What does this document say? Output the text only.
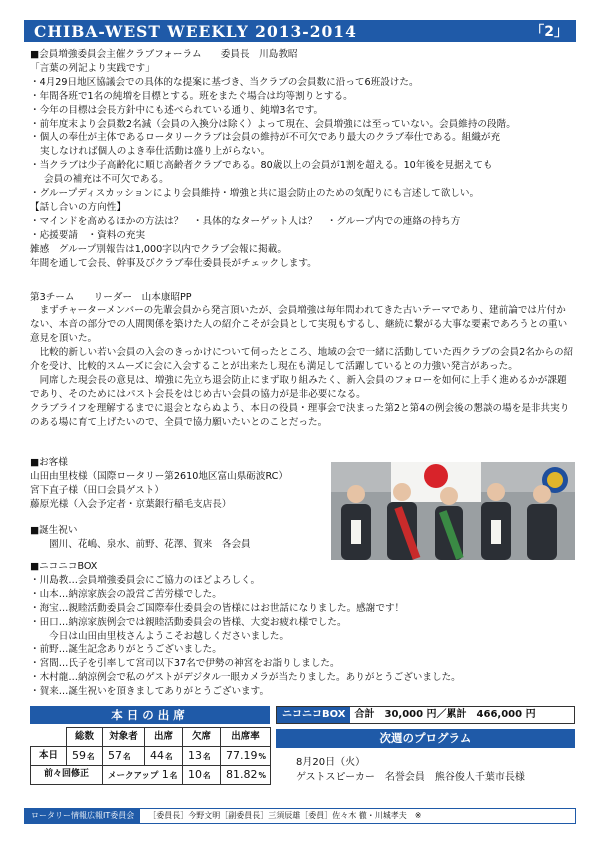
CHIBA-WEST WEEKLY 2013-2014	「2」

■会員増強委員会主催クラブフォーラム　　委員長　川島教昭

「言葉の列記より実践です」

・4月29日地区協議会での具体的な提案に基づき、当クラブの会員数に沿って6班設けた。

・年間各班で1名の純増を目標とする。班をまたぐ場合は均等割りとする。

・今年の目標は会長方針中にも述べられている通り、純増3名です。

・前年度末より会員数2名減（会員の入換分は除く）よって現在、会員増強には至っていない。会員維持の段階。

・個人の奉仕が主体であるロータリークラブは会員の維持が不可欠であり最大のクラブ奉仕である。組織が充

実しなければ個人のよき奉仕活動は盛り上がらない。

・当クラブは少子高齢化に順じ高齢者クラブである。80歳以上の会員が1割を超える。10年後を見据えても

会員の補充は不可欠である。

・グループディスカッションにより会員維持・増強と共に退会防止のための気配りにも言述して欲しい。

【話し合いの方向性】

・マインドを高めるほかの方法は？　・具体的なターゲット人は？　・グループ内での連絡の持ち方

・応援要請　・資料の充実

雑感　グループ別報告は1,000字以内でクラブ会報に掲載。

年間を通して会長、幹事及びクラブ奉仕委員長がチェックします。

第3チーム　　リーダー　山本康昭PP

　まずチャーターメンバーの先輩会員から発言頂いたが、会員増強は毎年問われてきた古いテーマであり、建前論では片付かない、本音の部分での人間関係を築けた人の紹介こそが会員として実現もするし、継続に繋がる大事な要素であろうとの重い意見を頂いた。

　比較的新しい若い会員の入会のきっかけについて伺ったところ、地域の会で一緒に活動していた西クラブの会員2名からの紹介を受け、比較的スムーズに会に入会することが出来たし現在も満足して活躍しているとの力強い発言があった。

　同席した現会長の意見は、増強に先立ち退会防止にまず取り組みたく、新入会員のフォローを如何に上手く進めるかが課題であり、そのためにはパスト会長をはじめ古い会員の協力が是非必要になる。

クラブライフを理解するまでに退会とならぬよう、本日の役員・理事会で決まった第2と第4の例会後の懇談の場を是非共実りのある場に育て上げたいので、全員で協力願いたいとのことだった。

■お客様

山田由里枝様（国際ロータリー第2610地区富山県砺波RC）

宮下直子様（田口会員ゲスト）

藤原光様（入会予定者・京葉銀行稲毛支店長）

■誕生祝い

　　園川、花嶋、泉水、前野、花澤、賀来　各会員

■ニコニコBOX

・川島教…会員増強委員会にご協力のほどよろしく。

・山本…納涼家族会の設営ご苦労様でした。

・海宝…親睦活動委員会ご国際奉仕委員会の皆様にはお世話になりました。感謝です！

・田口…納涼家族例会では親睦活動委員会の皆様、大変お疲れ様でした。

　　今日は山田由里枝さんようこそお越しくださいました。

・前野…誕生記念ありがとうございました。

・宮間…氏子を引率して宮司以下37名で伊勢の神宮をお詣りしました。

・木村龍…納涼例会で私のゲストがデジタル一眼カメラが当たりました。ありがとうございました。

・賀来…誕生祝いを頂きましてありがとうございます。

本日の出席
	総数	対象者	出席	欠席	出席率
本日	59名	57名	44名	13名	77.19%
前々回修正		メークアップ 1名		10名	81.82%
ニコニコBOX 合計　30,000 円／累計　466,000 円
次週のプログラム

8月20日（火）

ゲストスピーカー　名誉会員　熊谷俊人千葉市長様

ロータリー情報広報IT委員会 ［委員長］今野文明［副委員長］三須辰雄［委員］佐々木 徹・川城孝夫　※
